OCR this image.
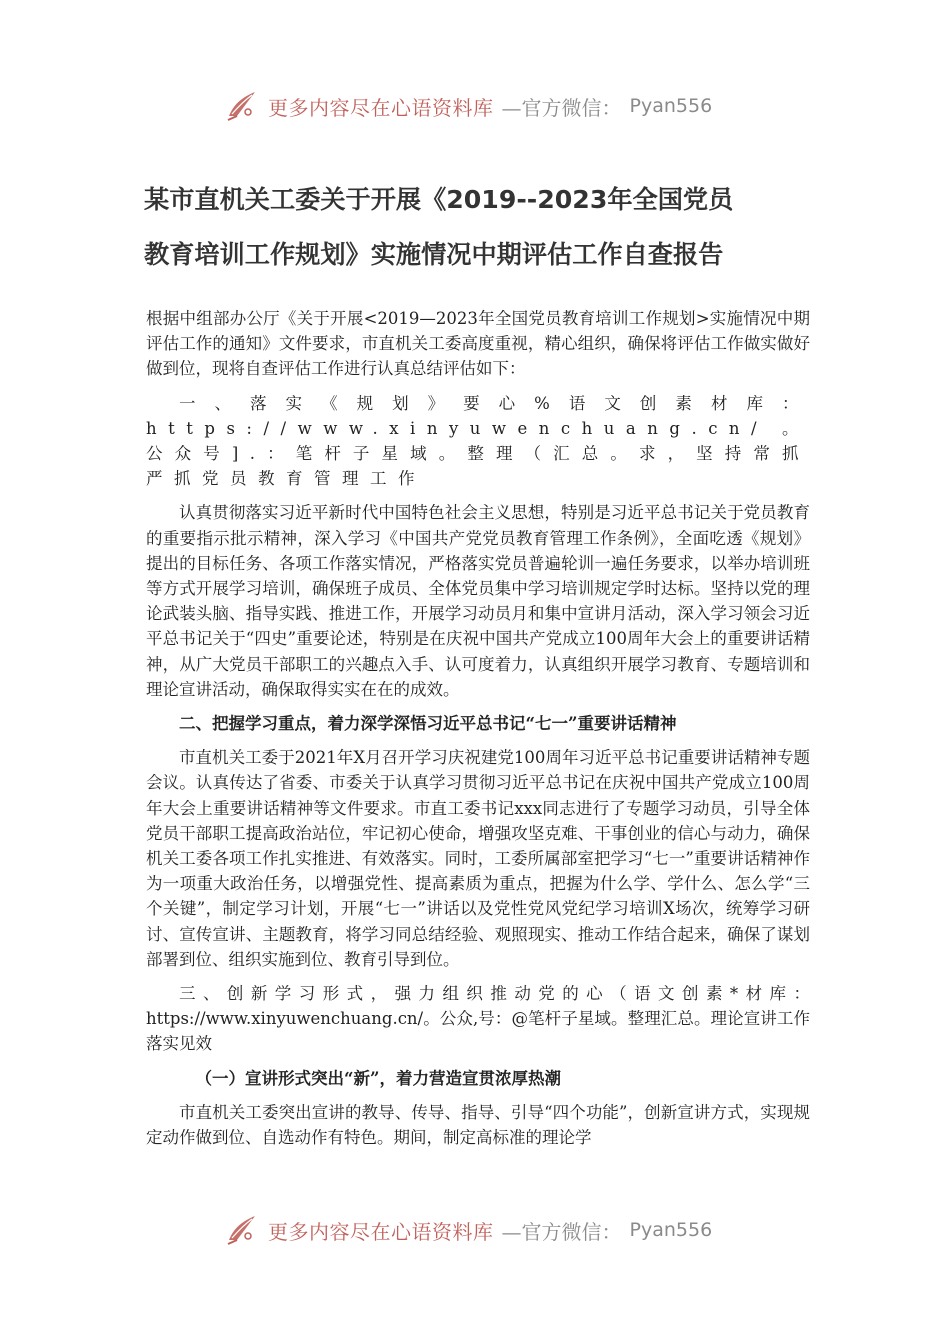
更多内容尽在心语资料库 —官方微信： Pyan556
某市直机关工委关于开展《2019--2023年全国党员
教育培训工作规划》实施情况中期评估工作自查报告

根据中组部办公厅《关于开展<2019—2023年全国党员教育培训工作规划>实施情况中期评估工作的通知》文件要求，市直机关工委高度重视，精心组织，确保将评估工作做实做好做到位，现将自查评估工作进行认真总结评估如下：

一、落实《规划》要心%语文创素材库：https://www.xinyuwenchuang.cn/。公众号].：笔杆子星域。整理（汇总。求，坚持常抓严抓党员教育管理工作

认真贯彻落实习近平新时代中国特色社会主义思想，特别是习近平总书记关于党员教育的重要指示批示精神，深入学习《中国共产党党员教育管理工作条例》，全面吃透《规划》提出的目标任务、各项工作落实情况，严格落实党员普遍轮训一遍任务要求，以举办培训班等方式开展学习培训，确保班子成员、全体党员集中学习培训规定学时达标。坚持以党的理论武装头脑、指导实践、推进工作，开展学习动员月和集中宣讲月活动，深入学习领会习近平总书记关于“四史”重要论述，特别是在庆祝中国共产党成立100周年大会上的重要讲话精神，从广大党员干部职工的兴趣点入手、认可度着力，认真组织开展学习教育、专题培训和理论宣讲活动，确保取得实实在在的成效。

二、把握学习重点，着力深学深悟习近平总书记“七一”重要讲话精神

市直机关工委于2021年X月召开学习庆祝建党100周年习近平总书记重要讲话精神专题会议。认真传达了省委、市委关于认真学习贯彻习近平总书记在庆祝中国共产党成立100周年大会上重要讲话精神等文件要求。市直工委书记xxx同志进行了专题学习动员，引导全体党员干部职工提高政治站位，牢记初心使命，增强攻坚克难、干事创业的信心与动力，确保机关工委各项工作扎实推进、有效落实。同时，工委所属部室把学习“七一”重要讲话精神作为一项重大政治任务，以增强党性、提高素质为重点，把握为什么学、学什么、怎么学“三个关键”，制定学习计划，开展“七一”讲话以及党性党风党纪学习培训X场次，统筹学习研讨、宣传宣讲、主题教育，将学习同总结经验、观照现实、推动工作结合起来，确保了谋划部署到位、组织实施到位、教育引导到位。

三、创新学习形式，强力组织推动党的心（语文创素*材库：https://www.xinyuwenchuang.cn/。公众,号：@笔杆子星域。整理汇总。理论宣讲工作落实见效

（一）宣讲形式突出“新”，着力营造宣贯浓厚热潮

市直机关工委突出宣讲的教导、传导、指导、引导“四个功能”，创新宣讲方式，实现规定动作做到位、自选动作有特色。期间，制定高标准的理论学

更多内容尽在心语资料库 —官方微信： Pyan556
